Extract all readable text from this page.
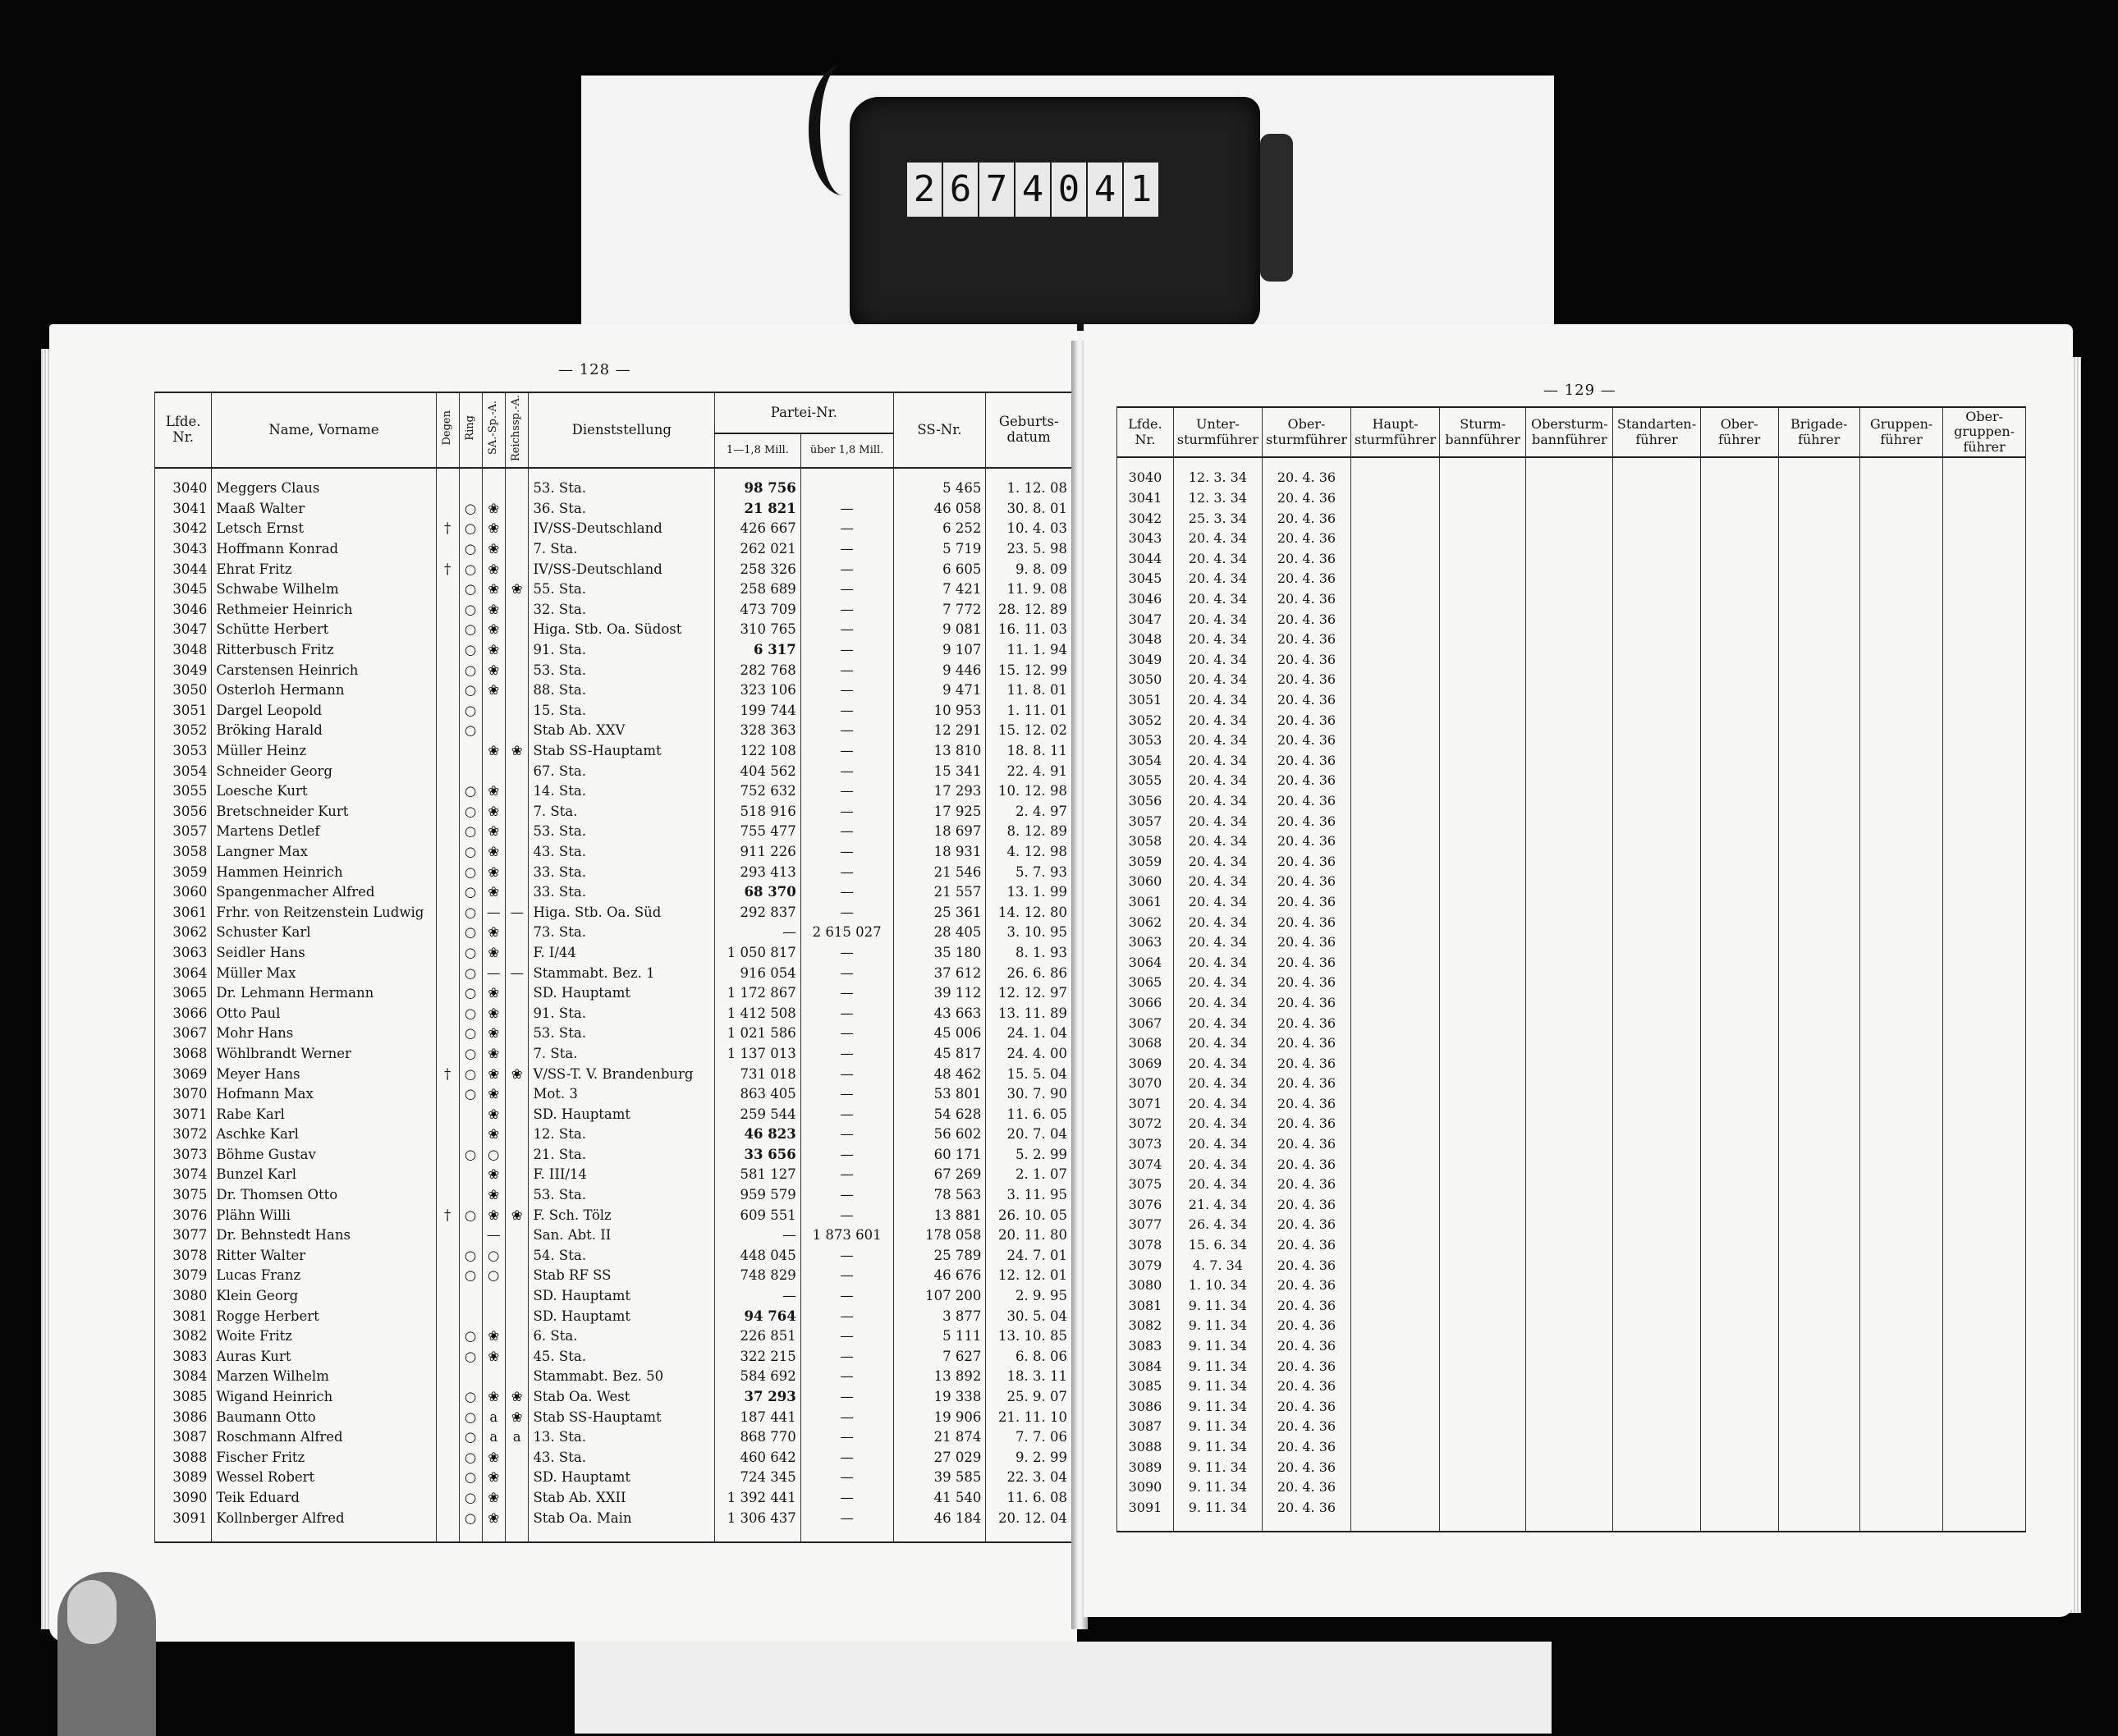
2 6 7 4 0 4 1
— 128 —
Lfde. Nr.	Name, Vorname	Degen	Ring	SA.-Sp.-A.	Reichssp.-A.	Dienststellung	Partei-Nr.		SS-Nr.	Geburts-datum
							1—1,8 Mill.	über 1,8 Mill.		

3040	Meggers Claus					53. Sta.	98 756		5 465	1. 12. 08
3041	Maaß Walter		○	❀		36. Sta.	21 821	—	46 058	30. 8. 01
3042	Letsch Ernst	†	○	❀		IV/SS-Deutschland	426 667	—	6 252	10. 4. 03
3043	Hoffmann Konrad		○	❀		7. Sta.	262 021	—	5 719	23. 5. 98
3044	Ehrat Fritz	†	○	❀		IV/SS-Deutschland	258 326	—	6 605	9. 8. 09
3045	Schwabe Wilhelm		○	❀	❀	55. Sta.	258 689	—	7 421	11. 9. 08
3046	Rethmeier Heinrich		○	❀		32. Sta.	473 709	—	7 772	28. 12. 89
3047	Schütte Herbert		○	❀		Higa. Stb. Oa. Südost	310 765	—	9 081	16. 11. 03
3048	Ritterbusch Fritz		○	❀		91. Sta.	6 317	—	9 107	11. 1. 94
3049	Carstensen Heinrich		○	❀		53. Sta.	282 768	—	9 446	15. 12. 99
3050	Osterloh Hermann		○	❀		88. Sta.	323 106	—	9 471	11. 8. 01
3051	Dargel Leopold		○			15. Sta.	199 744	—	10 953	1. 11. 01
3052	Bröking Harald		○			Stab Ab. XXV	328 363	—	12 291	15. 12. 02
3053	Müller Heinz			❀	❀	Stab SS-Hauptamt	122 108	—	13 810	18. 8. 11
3054	Schneider Georg					67. Sta.	404 562	—	15 341	22. 4. 91
3055	Loesche Kurt		○	❀		14. Sta.	752 632	—	17 293	10. 12. 98
3056	Bretschneider Kurt		○	❀		7. Sta.	518 916	—	17 925	2. 4. 97
3057	Martens Detlef		○	❀		53. Sta.	755 477	—	18 697	8. 12. 89
3058	Langner Max		○	❀		43. Sta.	911 226	—	18 931	4. 12. 98
3059	Hammen Heinrich		○	❀		33. Sta.	293 413	—	21 546	5. 7. 93
3060	Spangenmacher Alfred		○	❀		33. Sta.	68 370	—	21 557	13. 1. 99
3061	Frhr. von Reitzenstein Ludwig		○	—	—	Higa. Stb. Oa. Süd	292 837	—	25 361	14. 12. 80
3062	Schuster Karl		○	❀		73. Sta.	—	2 615 027	28 405	3. 10. 95
3063	Seidler Hans		○	❀		F. I/44	1 050 817	—	35 180	8. 1. 93
3064	Müller Max		○	—	—	Stammabt. Bez. 1	916 054	—	37 612	26. 6. 86
3065	Dr. Lehmann Hermann		○	❀		SD. Hauptamt	1 172 867	—	39 112	12. 12. 97
3066	Otto Paul		○	❀		91. Sta.	1 412 508	—	43 663	13. 11. 89
3067	Mohr Hans		○	❀		53. Sta.	1 021 586	—	45 006	24. 1. 04
3068	Wöhlbrandt Werner		○	❀		7. Sta.	1 137 013	—	45 817	24. 4. 00
3069	Meyer Hans	†	○	❀	❀	V/SS-T. V. Brandenburg	731 018	—	48 462	15. 5. 04
3070	Hofmann Max		○	❀		Mot. 3	863 405	—	53 801	30. 7. 90
3071	Rabe Karl			❀		SD. Hauptamt	259 544	—	54 628	11. 6. 05
3072	Aschke Karl			❀		12. Sta.	46 823	—	56 602	20. 7. 04
3073	Böhme Gustav		○	○		21. Sta.	33 656	—	60 171	5. 2. 99
3074	Bunzel Karl			❀		F. III/14	581 127	—	67 269	2. 1. 07
3075	Dr. Thomsen Otto			❀		53. Sta.	959 579	—	78 563	3. 11. 95
3076	Plähn Willi	†	○	❀	❀	F. Sch. Tölz	609 551	—	13 881	26. 10. 05
3077	Dr. Behnstedt Hans			—		San. Abt. II	—	1 873 601	178 058	20. 11. 80
3078	Ritter Walter		○	○		54. Sta.	448 045	—	25 789	24. 7. 01
3079	Lucas Franz		○	○		Stab RF SS	748 829	—	46 676	12. 12. 01
3080	Klein Georg					SD. Hauptamt	—	—	107 200	2. 9. 95
3081	Rogge Herbert					SD. Hauptamt	94 764	—	3 877	30. 5. 04
3082	Woite Fritz		○	❀		6. Sta.	226 851	—	5 111	13. 10. 85
3083	Auras Kurt		○	❀		45. Sta.	322 215	—	7 627	6. 8. 06
3084	Marzen Wilhelm					Stammabt. Bez. 50	584 692	—	13 892	18. 3. 11
3085	Wigand Heinrich		○	❀	❀	Stab Oa. West	37 293	—	19 338	25. 9. 07
3086	Baumann Otto		○	a	❀	Stab SS-Hauptamt	187 441	—	19 906	21. 11. 10
3087	Roschmann Alfred		○	a	a	13. Sta.	868 770	—	21 874	7. 7. 06
3088	Fischer Fritz		○	❀		43. Sta.	460 642	—	27 029	9. 2. 99
3089	Wessel Robert		○	❀		SD. Hauptamt	724 345	—	39 585	22. 3. 04
3090	Teik Eduard		○	❀		Stab Ab. XXII	1 392 441	—	41 540	11. 6. 08
3091	Kollnberger Alfred		○	❀		Stab Oa. Main	1 306 437	—	46 184	20. 12. 04

— 129 —
Lfde. Nr.	Unter-sturmführer	Ober-sturmführer	Haupt-sturmführer	Sturm-bannführer	Obersturm-bannführer	Standarten-führer	Ober-führer	Brigade-führer	Gruppen-führer	Ober-gruppen-führer

3040	12. 3. 34	20. 4. 36								
3041	12. 3. 34	20. 4. 36								
3042	25. 3. 34	20. 4. 36								
3043	20. 4. 34	20. 4. 36								
3044	20. 4. 34	20. 4. 36								
3045	20. 4. 34	20. 4. 36								
3046	20. 4. 34	20. 4. 36								
3047	20. 4. 34	20. 4. 36								
3048	20. 4. 34	20. 4. 36								
3049	20. 4. 34	20. 4. 36								
3050	20. 4. 34	20. 4. 36								
3051	20. 4. 34	20. 4. 36								
3052	20. 4. 34	20. 4. 36								
3053	20. 4. 34	20. 4. 36								
3054	20. 4. 34	20. 4. 36								
3055	20. 4. 34	20. 4. 36								
3056	20. 4. 34	20. 4. 36								
3057	20. 4. 34	20. 4. 36								
3058	20. 4. 34	20. 4. 36								
3059	20. 4. 34	20. 4. 36								
3060	20. 4. 34	20. 4. 36								
3061	20. 4. 34	20. 4. 36								
3062	20. 4. 34	20. 4. 36								
3063	20. 4. 34	20. 4. 36								
3064	20. 4. 34	20. 4. 36								
3065	20. 4. 34	20. 4. 36								
3066	20. 4. 34	20. 4. 36								
3067	20. 4. 34	20. 4. 36								
3068	20. 4. 34	20. 4. 36								
3069	20. 4. 34	20. 4. 36								
3070	20. 4. 34	20. 4. 36								
3071	20. 4. 34	20. 4. 36								
3072	20. 4. 34	20. 4. 36								
3073	20. 4. 34	20. 4. 36								
3074	20. 4. 34	20. 4. 36								
3075	20. 4. 34	20. 4. 36								
3076	21. 4. 34	20. 4. 36								
3077	26. 4. 34	20. 4. 36								
3078	15. 6. 34	20. 4. 36								
3079	4. 7. 34	20. 4. 36								
3080	1. 10. 34	20. 4. 36								
3081	9. 11. 34	20. 4. 36								
3082	9. 11. 34	20. 4. 36								
3083	9. 11. 34	20. 4. 36								
3084	9. 11. 34	20. 4. 36								
3085	9. 11. 34	20. 4. 36								
3086	9. 11. 34	20. 4. 36								
3087	9. 11. 34	20. 4. 36								
3088	9. 11. 34	20. 4. 36								
3089	9. 11. 34	20. 4. 36								
3090	9. 11. 34	20. 4. 36								
3091	9. 11. 34	20. 4. 36								
